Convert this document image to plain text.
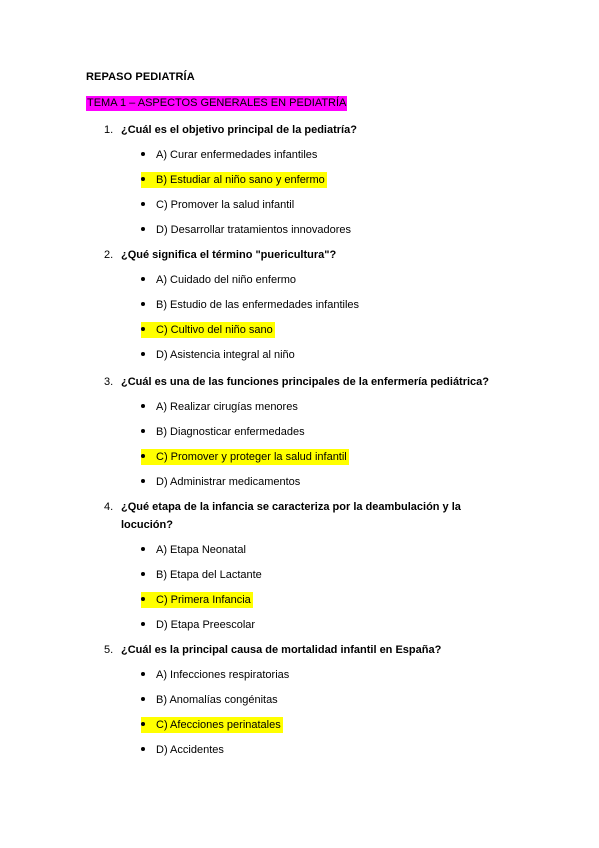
REPASO PEDIATRÍA
TEMA 1 – ASPECTOS GENERALES EN PEDIATRÍA
1. ¿Cuál es el objetivo principal de la pediatría?
A) Curar enfermedades infantiles
B) Estudiar al niño sano y enfermo
C) Promover la salud infantil
D) Desarrollar tratamientos innovadores
2. ¿Qué significa el término "puericultura"?
A) Cuidado del niño enfermo
B) Estudio de las enfermedades infantiles
C) Cultivo del niño sano
D) Asistencia integral al niño
3. ¿Cuál es una de las funciones principales de la enfermería pediátrica?
A) Realizar cirugías menores
B) Diagnosticar enfermedades
C) Promover y proteger la salud infantil
D) Administrar medicamentos
4. ¿Qué etapa de la infancia se caracteriza por la deambulación y la locución?
A) Etapa Neonatal
B) Etapa del Lactante
C) Primera Infancia
D) Etapa Preescolar
5. ¿Cuál es la principal causa de mortalidad infantil en España?
A) Infecciones respiratorias
B) Anomalías congénitas
C) Afecciones perinatales
D) Accidentes
